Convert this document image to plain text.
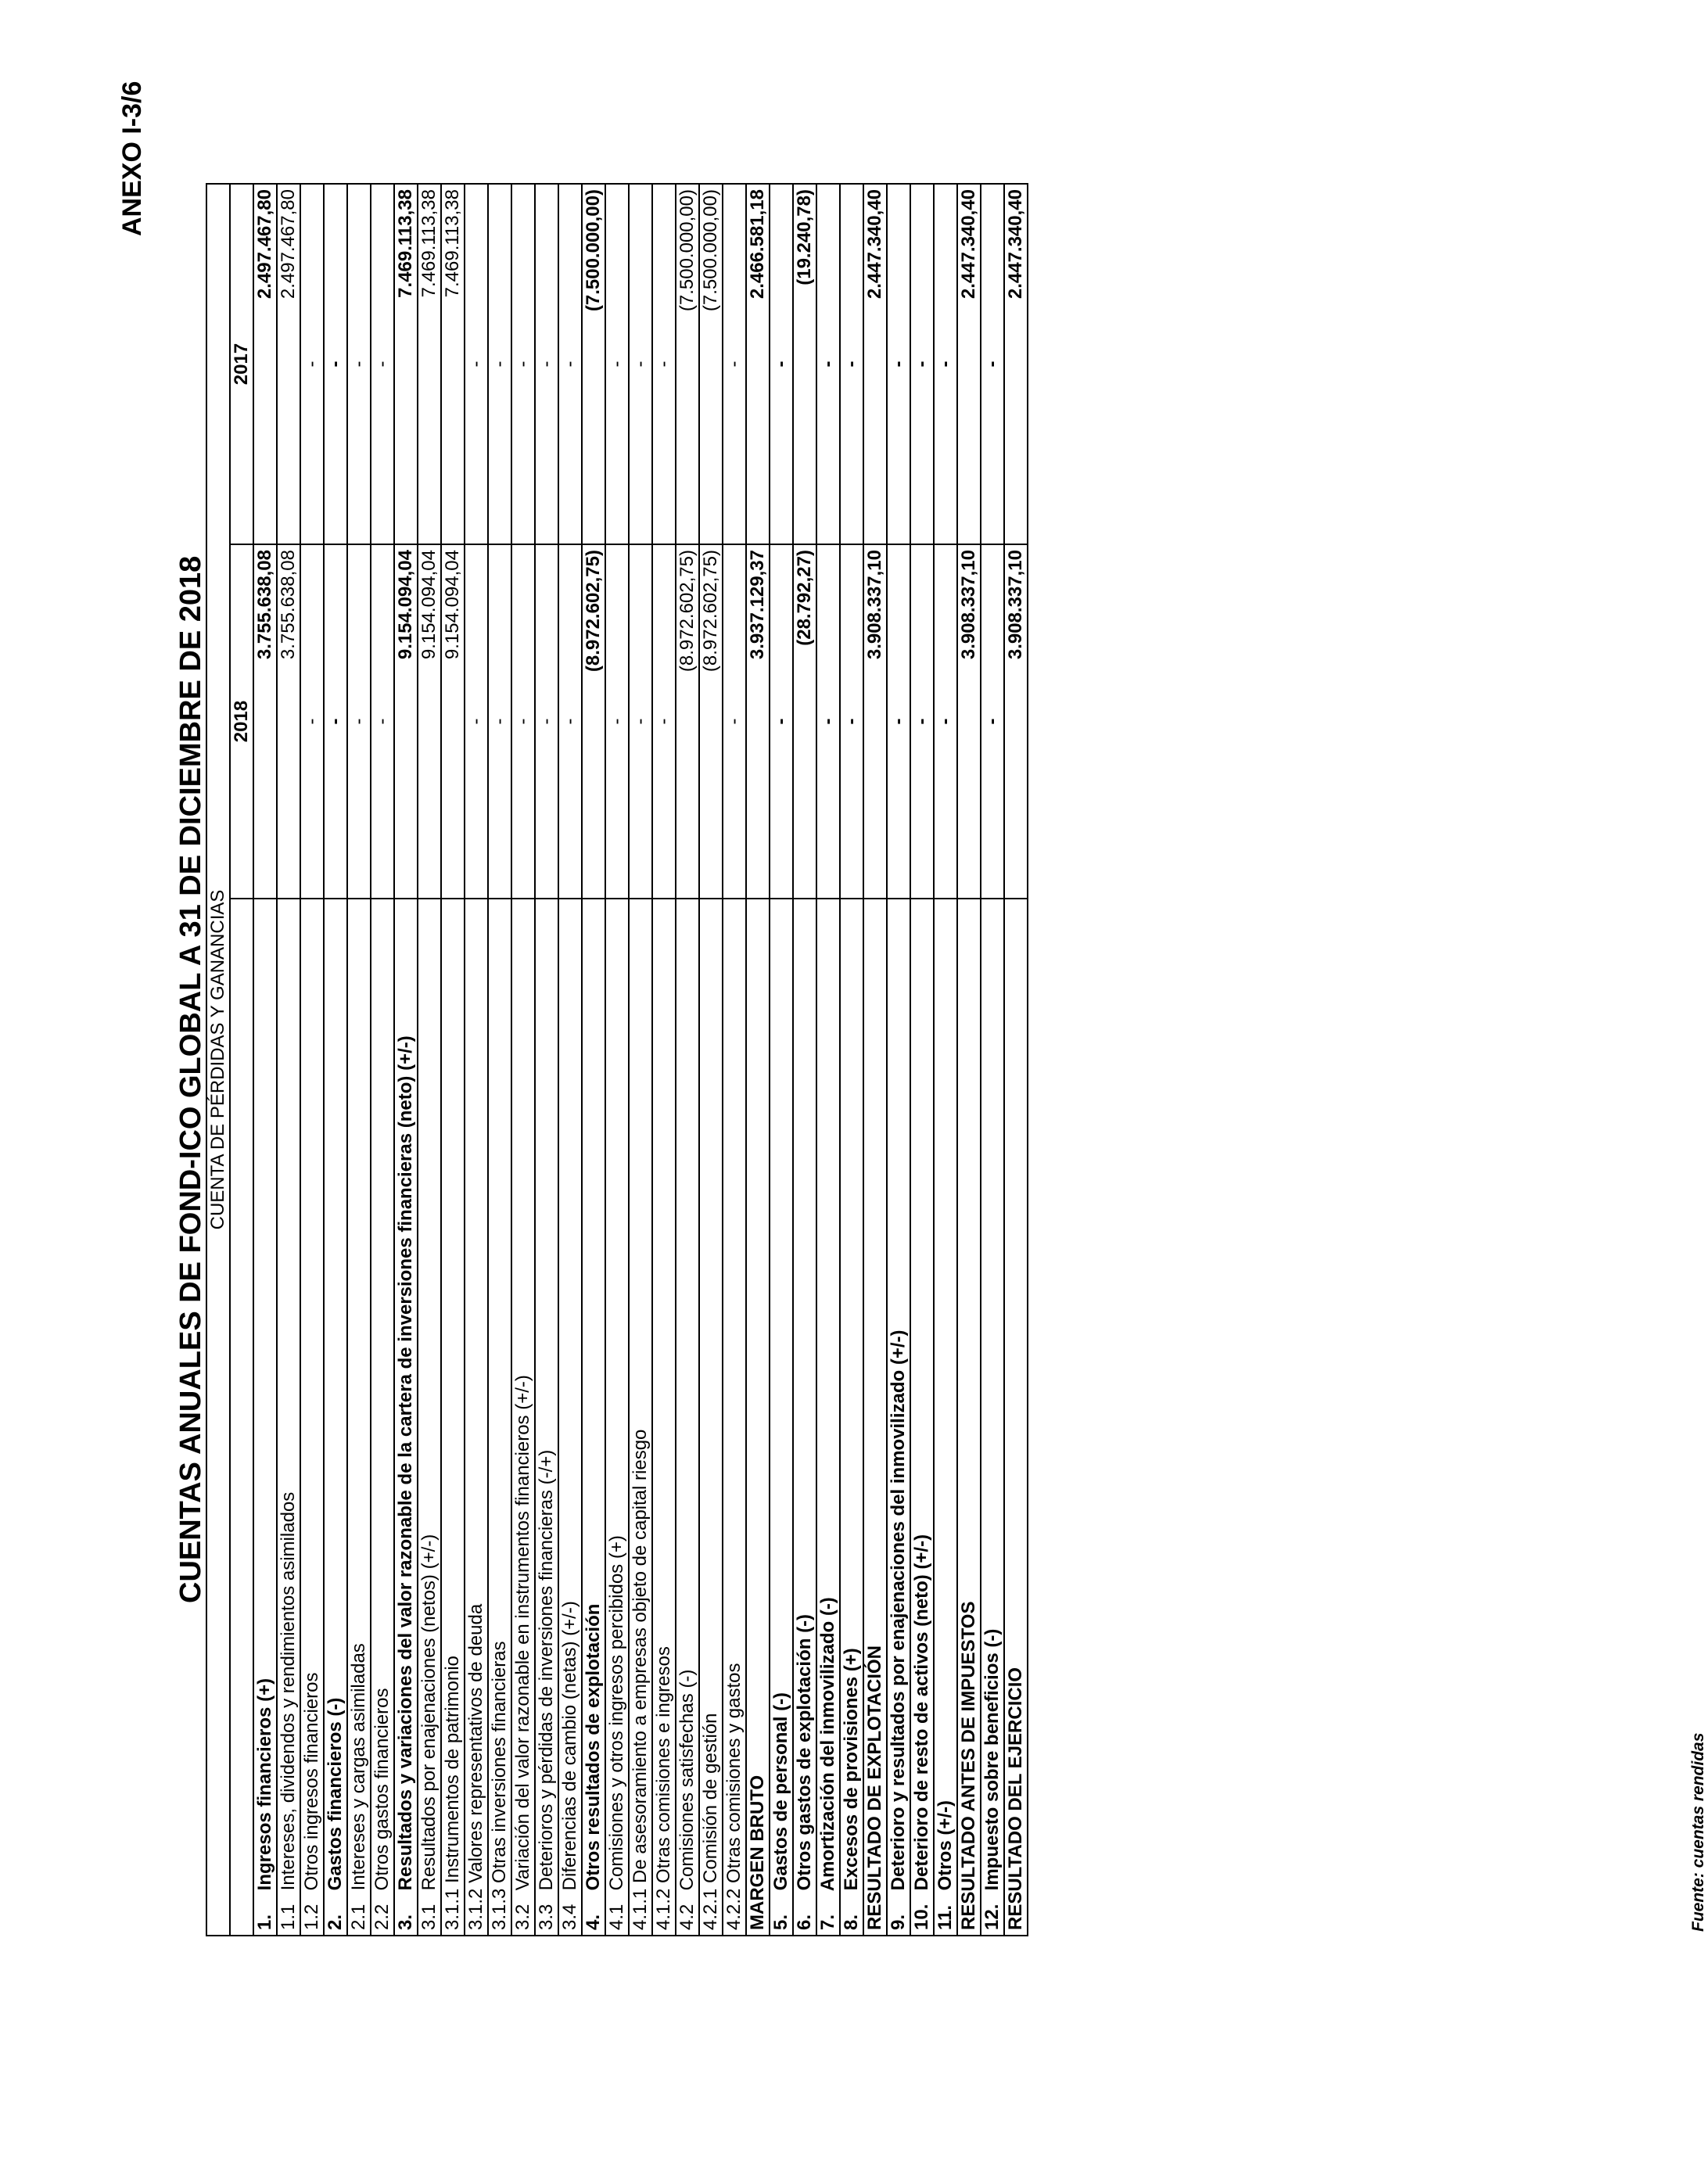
ANEXO I-3/6
CUENTAS ANUALES DE FOND-ICO GLOBAL A 31 DE DICIEMBRE DE 2018 CUENTA DE PÉRDIDAS Y GANANCIAS		
	2018	2017
1. Ingresos financieros (+)	3.755.638,08	2.497.467,80
1.1 Intereses, dividendos y rendimientos asimilados	3.755.638,08	2.497.467,80
1.2 Otros ingresos financieros	-	-
2. Gastos financieros (-)	-	-
2.1 Intereses y cargas asimiladas	-	-
2.2 Otros gastos financieros	-	-
3. Resultados y variaciones del valor razonable de la cartera de inversiones financieras (neto) (+/-)	9.154.094,04	7.469.113,38
3.1 Resultados por enajenaciones (netos) (+/-)	9.154.094,04	7.469.113,38
3.1.1 Instrumentos de patrimonio	9.154.094,04	7.469.113,38
3.1.2 Valores representativos de deuda	-	-
3.1.3 Otras inversiones financieras	-	-
3.2 Variación del valor razonable en instrumentos financieros (+/-)	-	-
3.3 Deterioros y pérdidas de inversiones financieras (-/+)	-	-
3.4 Diferencias de cambio (netas) (+/-)	-	-
4. Otros resultados de explotación	(8.972.602,75)	(7.500.000,00)
4.1 Comisiones y otros ingresos percibidos (+)	-	-
4.1.1 De asesoramiento a empresas objeto de capital riesgo	-	-
4.1.2 Otras comisiones e ingresos	-	-
4.2 Comisiones satisfechas (-)	(8.972.602,75)	(7.500.000,00)
4.2.1 Comisión de gestión	(8.972.602,75)	(7.500.000,00)
4.2.2 Otras comisiones y gastos	-	-
MARGEN BRUTO	3.937.129,37	2.466.581,18
5. Gastos de personal (-)	-	-
6. Otros gastos de explotación (-)	(28.792,27)	(19.240,78)
7. Amortización del inmovilizado (-)	-	-
8. Excesos de provisiones (+)	-	-
RESULTADO DE EXPLOTACIÓN	3.908.337,10	2.447.340,40
9. Deterioro y resultados por enajenaciones del inmovilizado (+/-)	-	-
10. Deterioro de resto de activos (neto) (+/-)	-	-
11. Otros (+/-)	-	-
RESULTADO ANTES DE IMPUESTOS	3.908.337,10	2.447.340,40
12. Impuesto sobre beneficios (-)	-	-
RESULTADO DEL EJERCICIO	3.908.337,10	2.447.340,40
Fuente: cuentas rendidas
